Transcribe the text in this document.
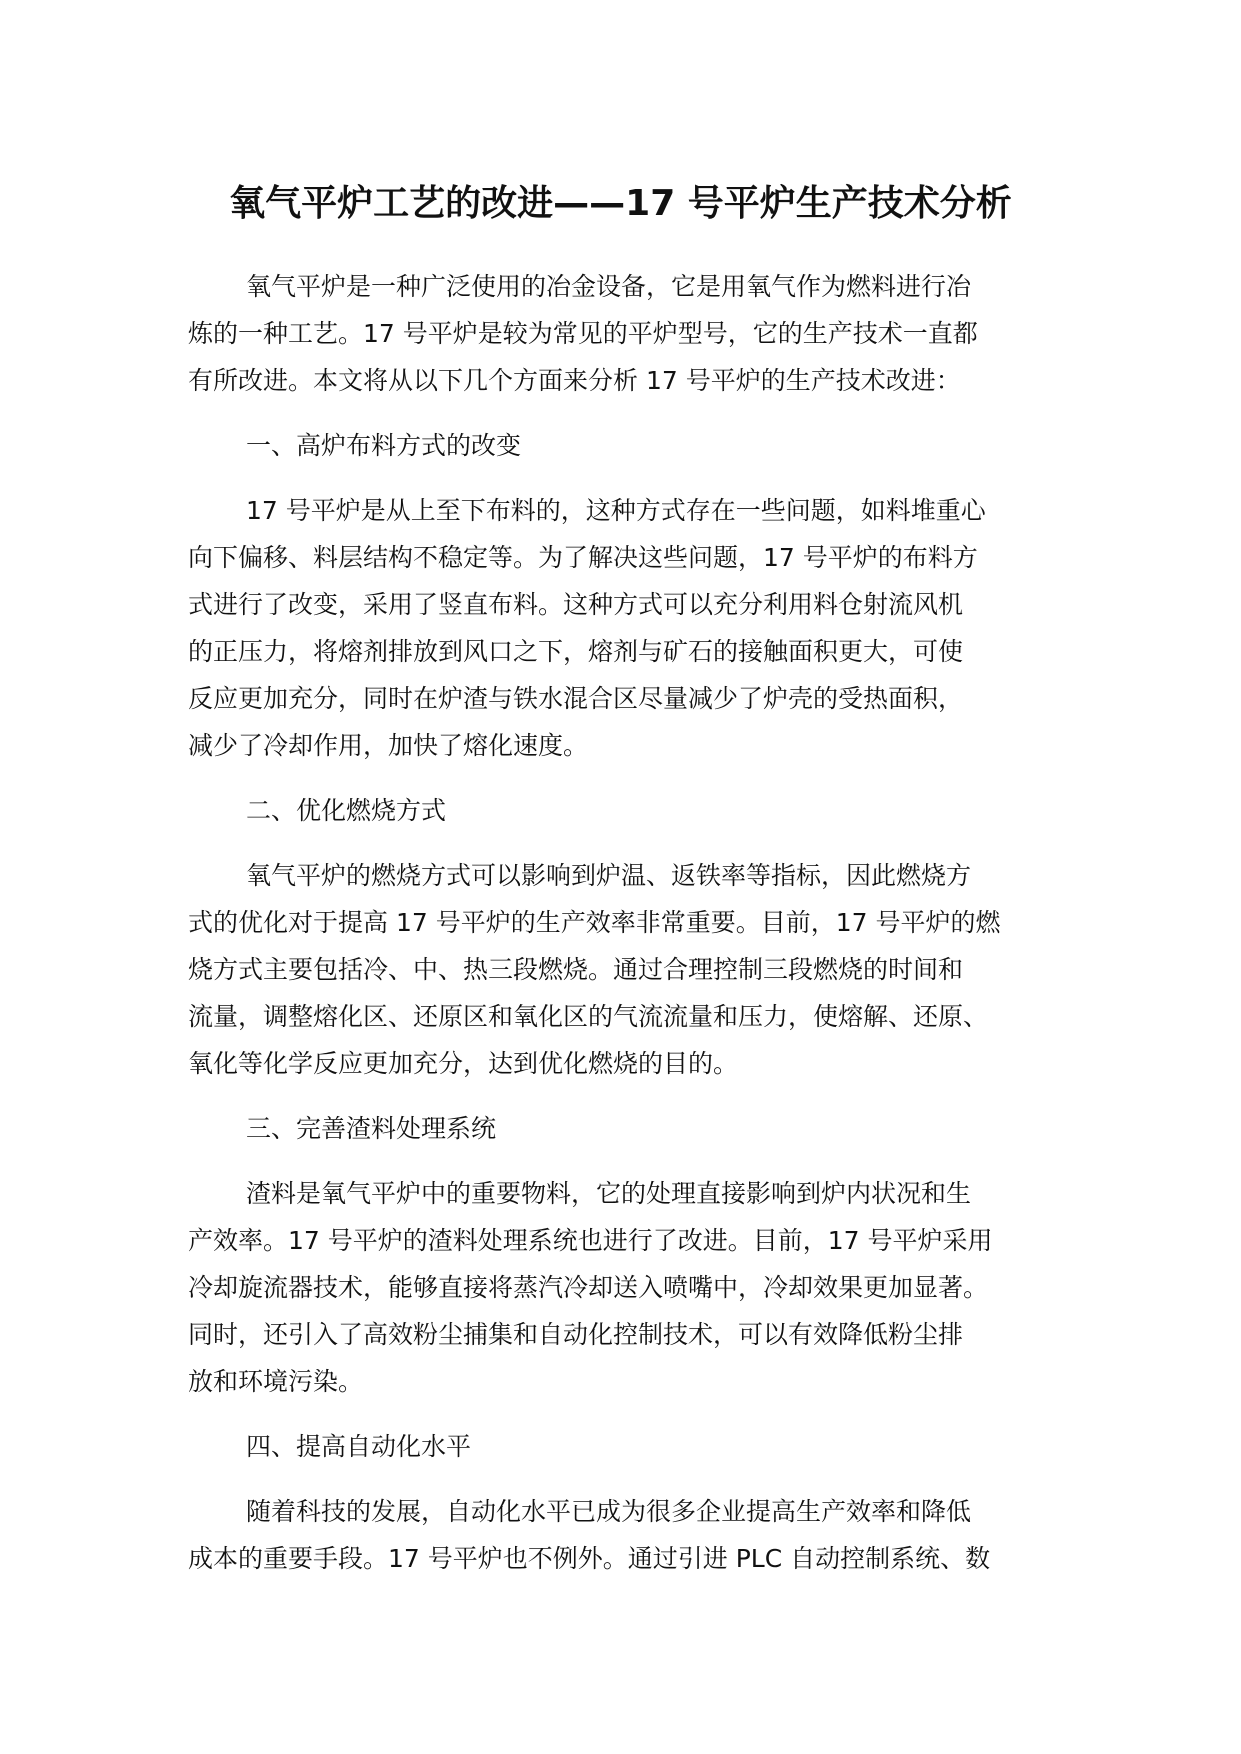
氧气平炉工艺的改进——17 号平炉生产技术分析
氧气平炉是一种广泛使用的冶金设备，它是用氧气作为燃料进行冶
炼的一种工艺。17 号平炉是较为常见的平炉型号，它的生产技术一直都
有所改进。本文将从以下几个方面来分析 17 号平炉的生产技术改进：
一、高炉布料方式的改变
17 号平炉是从上至下布料的，这种方式存在一些问题，如料堆重心
向下偏移、料层结构不稳定等。为了解决这些问题，17 号平炉的布料方
式进行了改变，采用了竖直布料。这种方式可以充分利用料仓射流风机
的正压力，将熔剂排放到风口之下，熔剂与矿石的接触面积更大，可使
反应更加充分，同时在炉渣与铁水混合区尽量减少了炉壳的受热面积，
减少了冷却作用，加快了熔化速度。
二、优化燃烧方式
氧气平炉的燃烧方式可以影响到炉温、返铁率等指标，因此燃烧方
式的优化对于提高 17 号平炉的生产效率非常重要。目前，17 号平炉的燃
烧方式主要包括冷、中、热三段燃烧。通过合理控制三段燃烧的时间和
流量，调整熔化区、还原区和氧化区的气流流量和压力，使熔解、还原、
氧化等化学反应更加充分，达到优化燃烧的目的。
三、完善渣料处理系统
渣料是氧气平炉中的重要物料，它的处理直接影响到炉内状况和生
产效率。17 号平炉的渣料处理系统也进行了改进。目前，17 号平炉采用
冷却旋流器技术，能够直接将蒸汽冷却送入喷嘴中，冷却效果更加显著。
同时，还引入了高效粉尘捕集和自动化控制技术，可以有效降低粉尘排
放和环境污染。
四、提高自动化水平
随着科技的发展，自动化水平已成为很多企业提高生产效率和降低
成本的重要手段。17 号平炉也不例外。通过引进 PLC 自动控制系统、数
